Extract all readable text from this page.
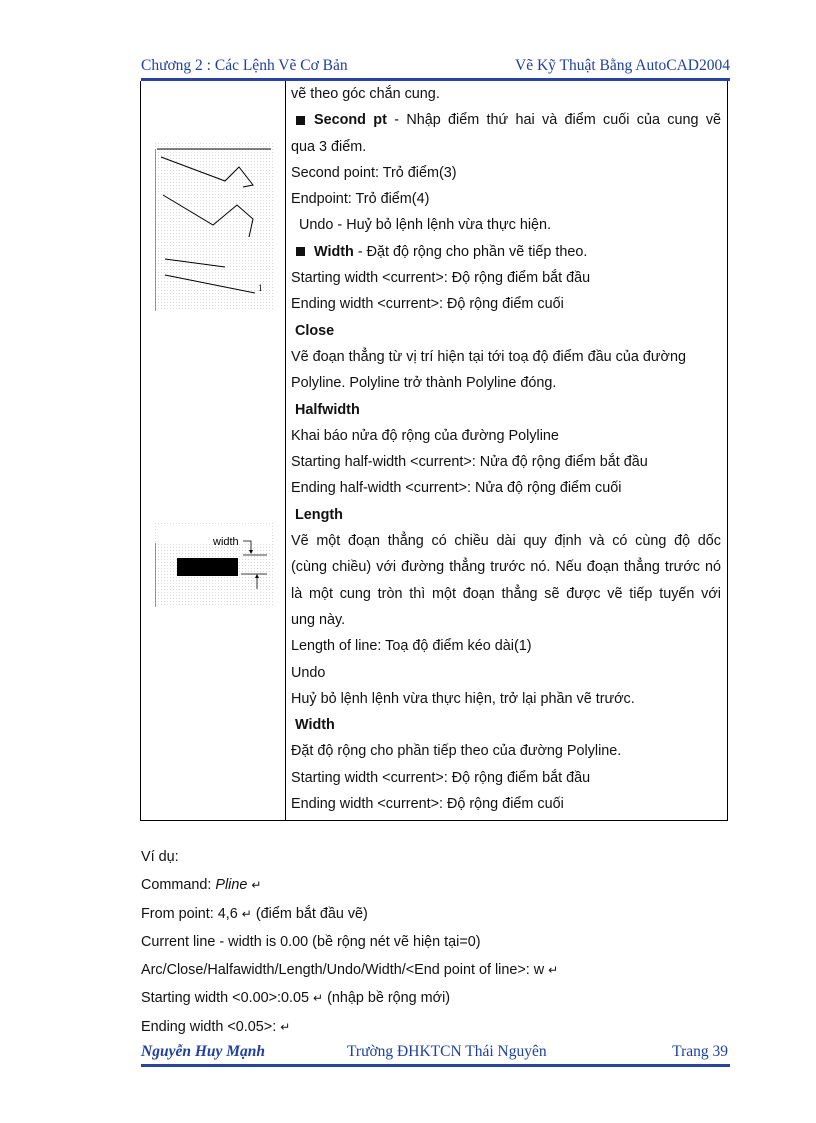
Chương 2 : Các Lệnh Vẽ Cơ Bản	Vẽ Kỹ Thuật Bằng AutoCAD2004
1
width

vẽ theo góc chắn cung.

Second pt - Nhập điểm thứ hai và điểm cuối của cung vẽ

qua 3 điểm.

Second point: Trỏ điểm(3)

Endpoint: Trỏ điểm(4)

Undo - Huỷ bỏ lệnh lệnh vừa thực hiện.

Width - Đặt độ rộng cho phần vẽ tiếp theo.

Starting width <current>: Độ rộng điểm bắt đầu

Ending width <current>: Độ rộng điểm cuối

Close

Vẽ đoạn thẳng từ vị trí hiện tại tới toạ độ điểm đầu của đường

Polyline. Polyline trở thành Polyline đóng.

Halfwidth

Khai báo nửa độ rộng của đường Polyline

Starting half-width <current>: Nửa độ rộng điểm bắt đầu

Ending half-width <current>: Nửa độ rộng điểm cuối

Length

Vẽ một đoạn thẳng có chiều dài quy định và có cùng độ dốc

(cùng chiều) với đường thẳng trước nó. Nếu đoạn thẳng trước nó

là một cung tròn thì một đoạn thẳng sẽ được vẽ tiếp tuyến với

ung này.

Length of line: Toạ độ điểm kéo dài(1)

Undo

Huỷ bỏ lệnh lệnh vừa thực hiện, trở lại phần vẽ trước.

Width

Đặt độ rộng cho phần tiếp theo của đường Polyline.

Starting width <current>: Độ rộng điểm bắt đầu

Ending width <current>: Độ rộng điểm cuối

Ví dụ:

Command: Pline ↵

From point: 4,6 ↵ (điểm bắt đầu vẽ)

Current line - width is 0.00 (bề rộng nét vẽ hiện tại=0)

Arc/Close/Halfawidth/Length/Undo/Width/<End point of line>: w ↵

Starting width <0.00>:0.05 ↵ (nhập bề rộng mới)

Ending width <0.05>: ↵

Nguyễn Huy Mạnh	Trường ĐHKTCN Thái Nguyên	Trang 39
